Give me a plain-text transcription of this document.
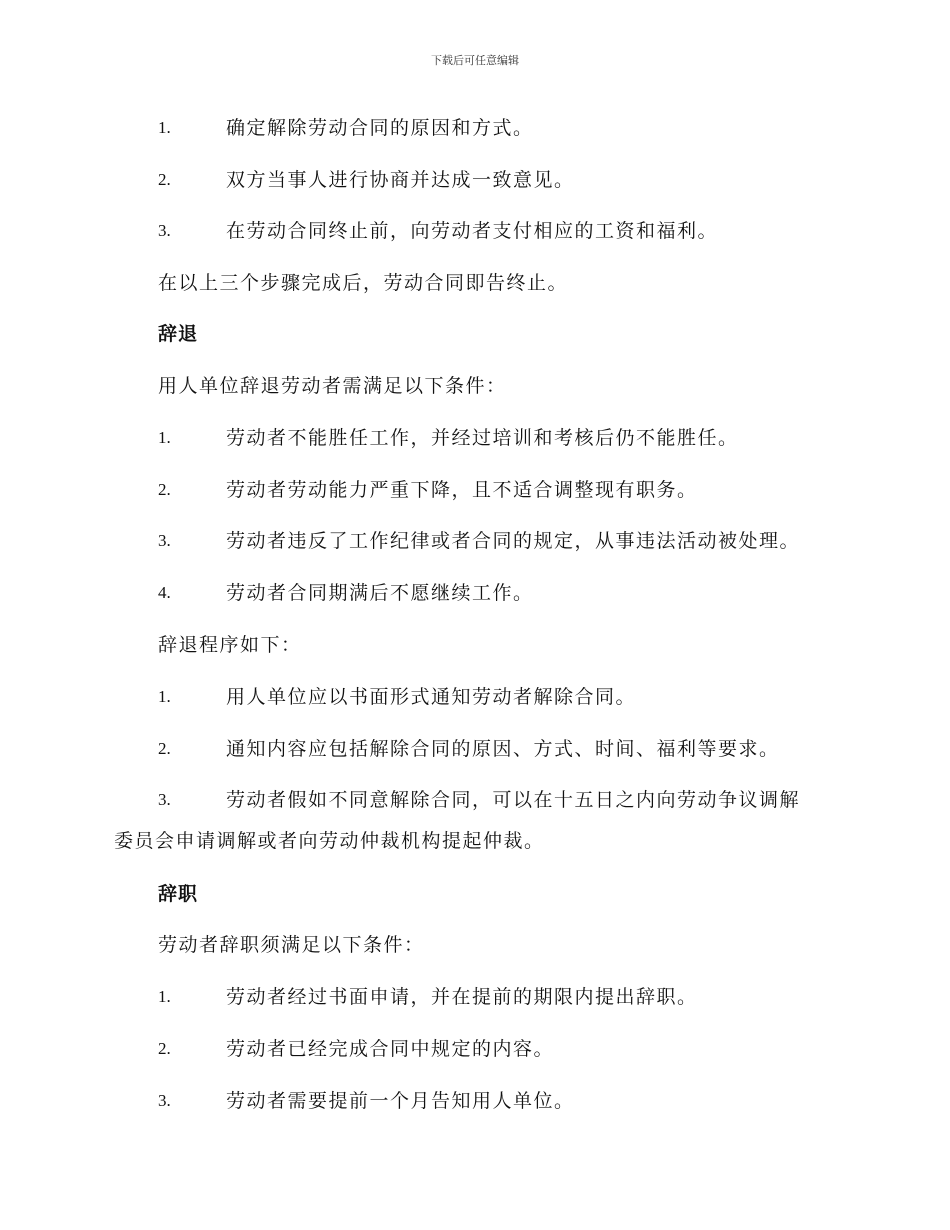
下载后可任意编辑
1.	确定解除劳动合同的原因和方式。
2.	双方当事人进行协商并达成一致意见。
3.	在劳动合同终止前，向劳动者支付相应的工资和福利。
在以上三个步骤完成后，劳动合同即告终止。
辞退
用人单位辞退劳动者需满足以下条件：
1.	劳动者不能胜任工作，并经过培训和考核后仍不能胜任。
2.	劳动者劳动能力严重下降，且不适合调整现有职务。
3.	劳动者违反了工作纪律或者合同的规定，从事违法活动被处理。
4.	劳动者合同期满后不愿继续工作。
辞退程序如下：
1.	用人单位应以书面形式通知劳动者解除合同。
2.	通知内容应包括解除合同的原因、方式、时间、福利等要求。
3.	劳动者假如不同意解除合同，可以在十五日之内向劳动争议调解
委员会申请调解或者向劳动仲裁机构提起仲裁。
辞职
劳动者辞职须满足以下条件：
1.	劳动者经过书面申请，并在提前的期限内提出辞职。
2.	劳动者已经完成合同中规定的内容。
3.	劳动者需要提前一个月告知用人单位。
